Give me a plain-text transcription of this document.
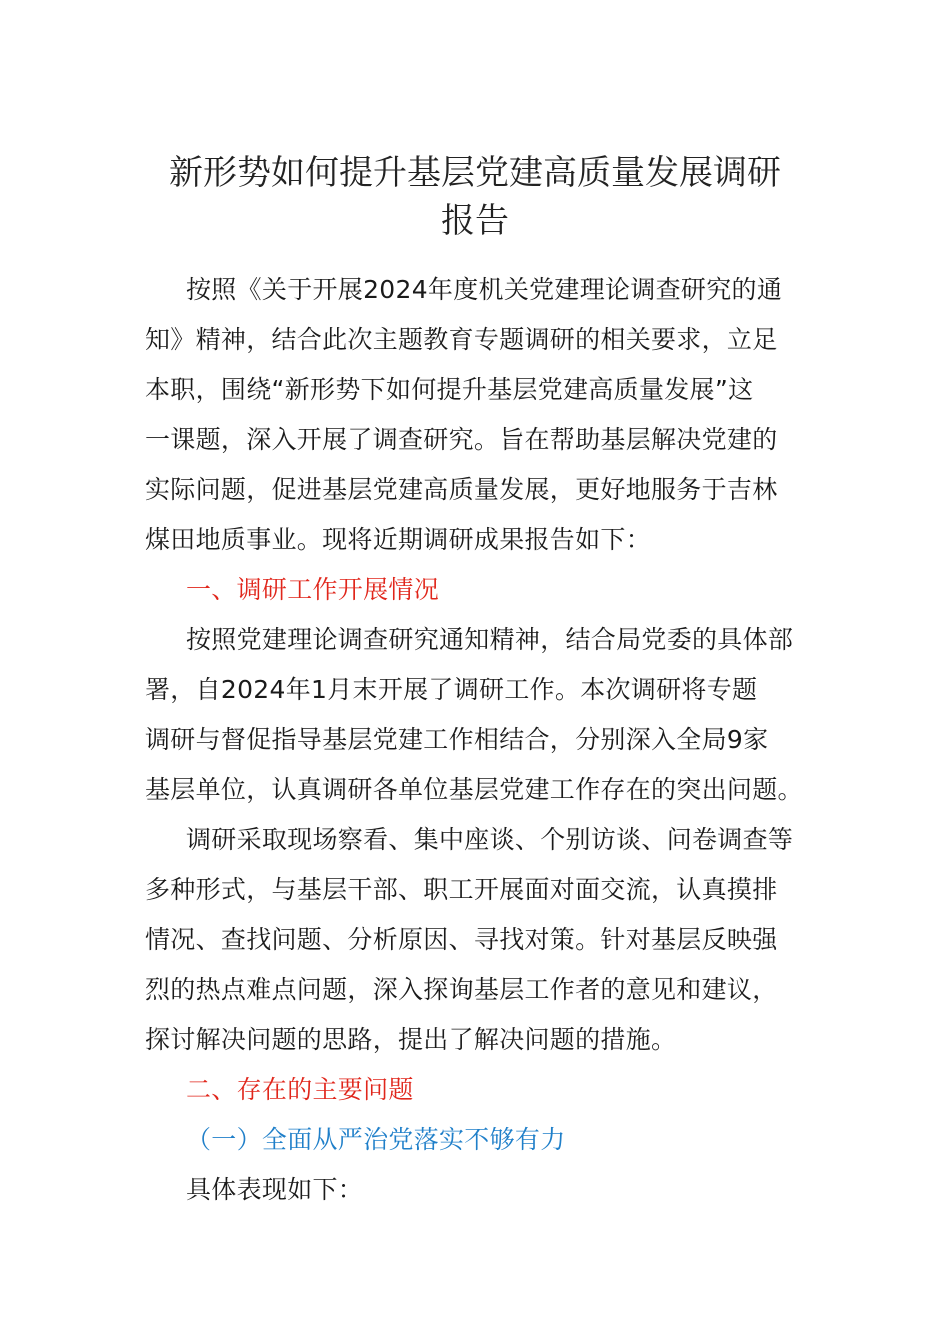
新形势如何提升基层党建高质量发展调研
报告
按照《关于开展2024年度机关党建理论调查研究的通
知》精神，结合此次主题教育专题调研的相关要求，立足
本职，围绕“新形势下如何提升基层党建高质量发展”这
一课题，深入开展了调查研究。旨在帮助基层解决党建的
实际问题，促进基层党建高质量发展，更好地服务于吉林
煤田地质事业。现将近期调研成果报告如下：
一、调研工作开展情况
按照党建理论调查研究通知精神，结合局党委的具体部
署，自2024年1月末开展了调研工作。本次调研将专题
调研与督促指导基层党建工作相结合，分别深入全局9家
基层单位，认真调研各单位基层党建工作存在的突出问题。
调研采取现场察看、集中座谈、个别访谈、问卷调查等
多种形式，与基层干部、职工开展面对面交流，认真摸排
情况、查找问题、分析原因、寻找对策。针对基层反映强
烈的热点难点问题，深入探询基层工作者的意见和建议，
探讨解决问题的思路，提出了解决问题的措施。
二、存在的主要问题
（一）全面从严治党落实不够有力
具体表现如下：
